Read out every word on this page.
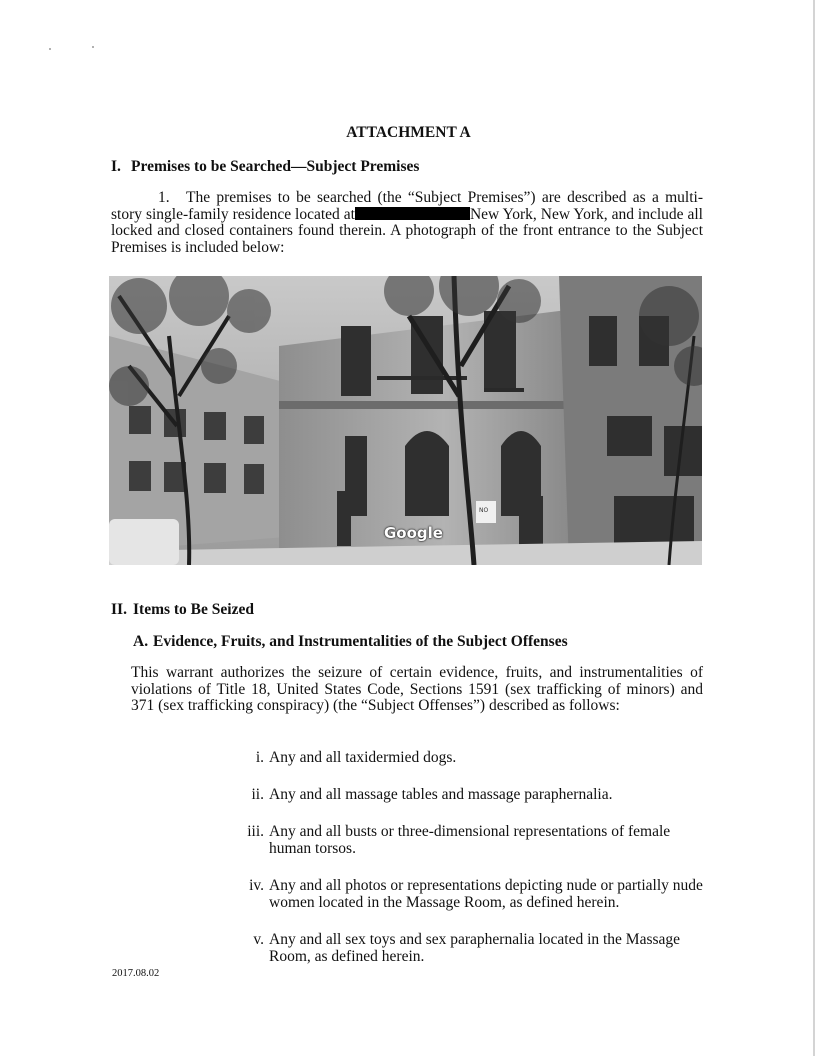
ATTACHMENT A
I. Premises to be Searched—Subject Premises
1. The premises to be searched (the “Subject Premises”) are described as a multi-story single-family residence located at	New York, New York, and include all locked and closed containers found therein. A photograph of the front entrance to the Subject Premises is included below:
NO
Google
II. Items to Be Seized
A. Evidence, Fruits, and Instrumentalities of the Subject Offenses
This warrant authorizes the seizure of certain evidence, fruits, and instrumentalities of violations of Title 18, United States Code, Sections 1591 (sex trafficking of minors) and 371 (sex trafficking conspiracy) (the “Subject Offenses”) described as follows:
i. Any and all taxidermied dogs.
ii. Any and all massage tables and massage paraphernalia.
iii. Any and all busts or three-dimensional representations of female human torsos.
iv. Any and all photos or representations depicting nude or partially nude women located in the Massage Room, as defined herein.
v. Any and all sex toys and sex paraphernalia located in the Massage Room, as defined herein.
2017.08.02
